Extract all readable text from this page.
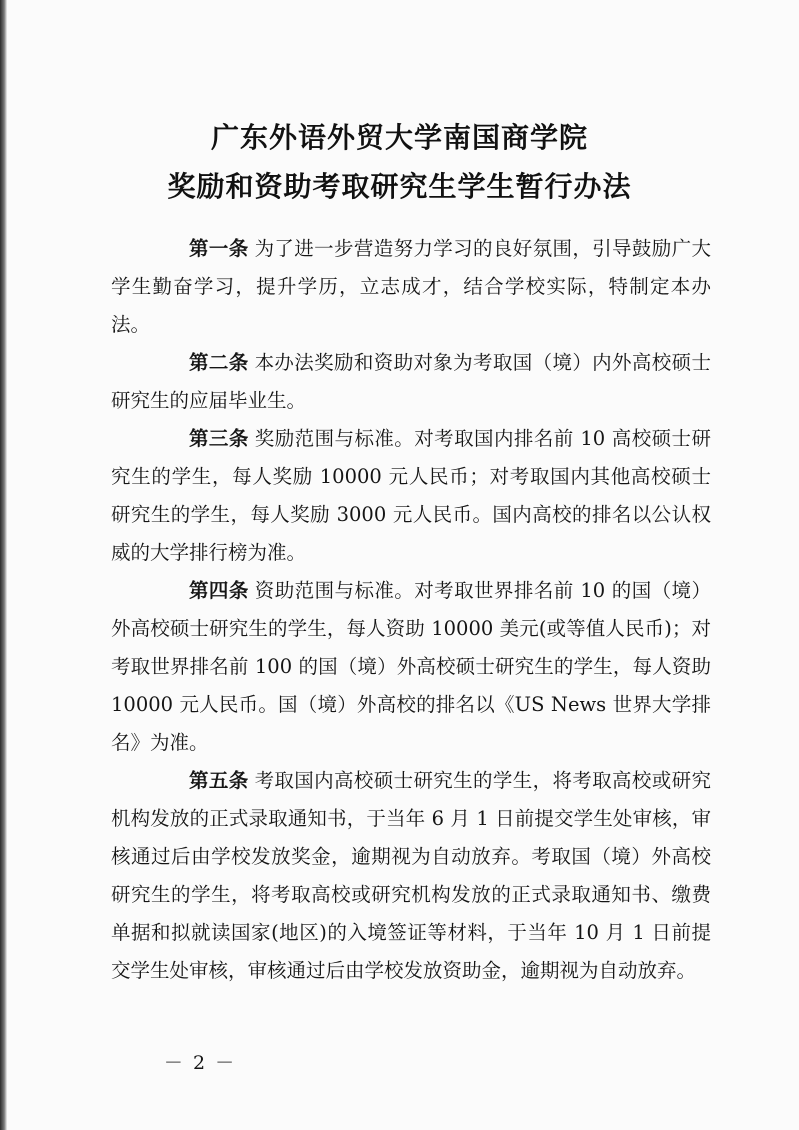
广东外语外贸大学南国商学院
奖励和资助考取研究生学生暂行办法

第一条 为了进一步营造努力学习的良好氛围，引导鼓励广大学生勤奋学习，提升学历，立志成才，结合学校实际，特制定本办法。

第二条 本办法奖励和资助对象为考取国（境）内外高校硕士研究生的应届毕业生。

第三条 奖励范围与标准。对考取国内排名前 10 高校硕士研究生的学生，每人奖励 10000 元人民币；对考取国内其他高校硕士研究生的学生，每人奖励 3000 元人民币。国内高校的排名以公认权威的大学排行榜为准。

第四条 资助范围与标准。对考取世界排名前 10 的国（境）外高校硕士研究生的学生，每人资助 10000 美元(或等值人民币)；对考取世界排名前 100 的国（境）外高校硕士研究生的学生，每人资助 10000 元人民币。国（境）外高校的排名以《US News 世界大学排名》为准。

第五条 考取国内高校硕士研究生的学生，将考取高校或研究机构发放的正式录取通知书，于当年 6 月 1 日前提交学生处审核，审核通过后由学校发放奖金，逾期视为自动放弃。考取国（境）外高校研究生的学生，将考取高校或研究机构发放的正式录取通知书、缴费单据和拟就读国家(地区)的入境签证等材料，于当年 10 月 1 日前提交学生处审核，审核通过后由学校发放资助金，逾期视为自动放弃。

－ 2 －
